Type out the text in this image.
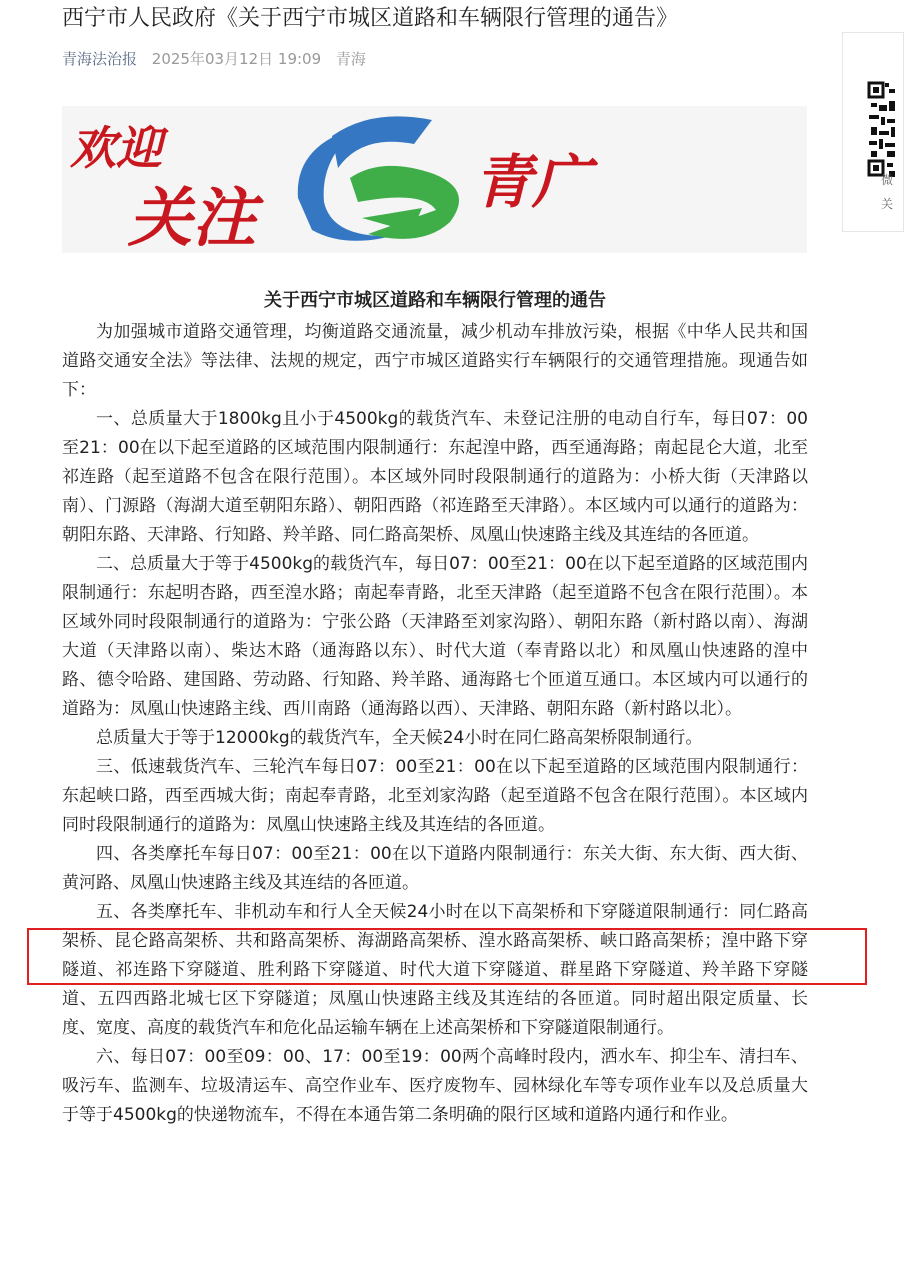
西宁市人民政府《关于西宁市城区道路和车辆限行管理的通告》
青海法治报 2025年03月12日 19:09 青海
微
关
欢迎
关注	青广
关于西宁市城区道路和车辆限行管理的通告

为加强城市道路交通管理，均衡道路交通流量，减少机动车排放污染，根据《中华人民共和国道路交通安全法》等法律、法规的规定，西宁市城区道路实行车辆限行的交通管理措施。现通告如下：

一、总质量大于1800kg且小于4500kg的载货汽车、未登记注册的电动自行车，每日07：00至21：00在以下起至道路的区域范围内限制通行：东起湟中路，西至通海路；南起昆仑大道，北至祁连路（起至道路不包含在限行范围）。本区域外同时段限制通行的道路为：小桥大街（天津路以南）、门源路（海湖大道至朝阳东路）、朝阳西路（祁连路至天津路）。本区域内可以通行的道路为：朝阳东路、天津路、行知路、羚羊路、同仁路高架桥、凤凰山快速路主线及其连结的各匝道。

二、总质量大于等于4500kg的载货汽车，每日07：00至21：00在以下起至道路的区域范围内限制通行：东起明杏路，西至湟水路；南起奉青路，北至天津路（起至道路不包含在限行范围）。本区域外同时段限制通行的道路为：宁张公路（天津路至刘家沟路）、朝阳东路（新村路以南）、海湖大道（天津路以南）、柴达木路（通海路以东）、时代大道（奉青路以北）和凤凰山快速路的湟中路、德令哈路、建国路、劳动路、行知路、羚羊路、通海路七个匝道互通口。本区域内可以通行的道路为：凤凰山快速路主线、西川南路（通海路以西）、天津路、朝阳东路（新村路以北）。

总质量大于等于12000kg的载货汽车，全天候24小时在同仁路高架桥限制通行。

三、低速载货汽车、三轮汽车每日07：00至21：00在以下起至道路的区域范围内限制通行：东起峡口路，西至西城大街；南起奉青路，北至刘家沟路（起至道路不包含在限行范围）。本区域内同时段限制通行的道路为：凤凰山快速路主线及其连结的各匝道。

四、各类摩托车每日07：00至21：00在以下道路内限制通行：东关大街、东大街、西大街、黄河路、凤凰山快速路主线及其连结的各匝道。

五、各类摩托车、非机动车和行人全天候24小时在以下高架桥和下穿隧道限制通行：同仁路高架桥、昆仑路高架桥、共和路高架桥、海湖路高架桥、湟水路高架桥、峡口路高架桥；湟中路下穿隧道、祁连路下穿隧道、胜利路下穿隧道、时代大道下穿隧道、群星路下穿隧道、羚羊路下穿隧道、五四西路北城七区下穿隧道；凤凰山快速路主线及其连结的各匝道。同时超出限定质量、长度、宽度、高度的载货汽车和危化品运输车辆在上述高架桥和下穿隧道限制通行。

六、每日07：00至09：00、17：00至19：00两个高峰时段内，洒水车、抑尘车、清扫车、吸污车、监测车、垃圾清运车、高空作业车、医疗废物车、园林绿化车等专项作业车以及总质量大于等于4500kg的快递物流车，不得在本通告第二条明确的限行区域和道路内通行和作业。
